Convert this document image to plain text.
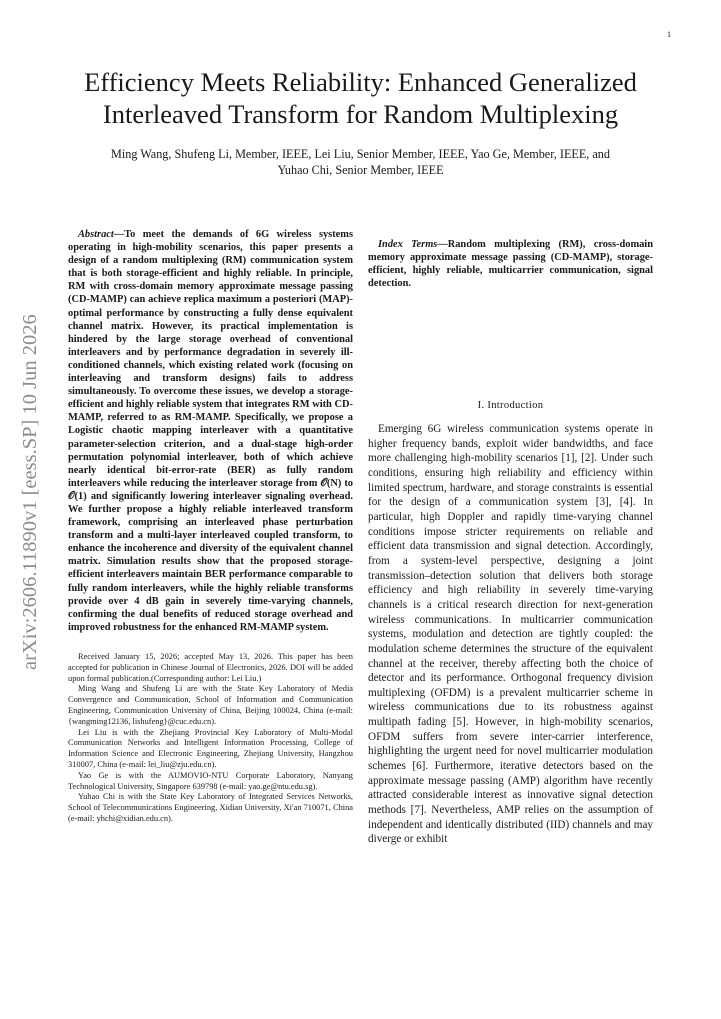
1
arXiv:2606.11890v1 [eess.SP] 10 Jun 2026
Efficiency Meets Reliability: Enhanced Generalized
Interleaved Transform for Random Multiplexing
Ming Wang, Shufeng Li, Member, IEEE, Lei Liu, Senior Member, IEEE, Yao Ge, Member, IEEE, and
Yuhao Chi, Senior Member, IEEE

Abstract—To meet the demands of 6G wireless systems operating in high-mobility scenarios, this paper presents a design of a random multiplexing (RM) communication system that is both storage-efficient and highly reliable. In principle, RM with cross-domain memory approximate message passing (CD-MAMP) can achieve replica maximum a posteriori (MAP)-optimal performance by constructing a fully dense equivalent channel matrix. However, its practical implementation is hindered by the large storage overhead of conventional interleavers and by performance degradation in severely ill-conditioned channels, which existing related work (focusing on interleaving and transform designs) fails to address simultaneously. To overcome these issues, we develop a storage-efficient and highly reliable system that integrates RM with CD-MAMP, referred to as RM-MAMP. Specifically, we propose a Logistic chaotic mapping interleaver with a quantitative parameter-selection criterion, and a dual-stage high-order permutation polynomial interleaver, both of which achieve nearly identical bit-error-rate (BER) as fully random interleavers while reducing the interleaver storage from 𝒪(N) to 𝒪(1) and significantly lowering interleaver signaling overhead. We further propose a highly reliable interleaved transform framework, comprising an interleaved phase perturbation transform and a multi-layer interleaved coupled transform, to enhance the incoherence and diversity of the equivalent channel matrix. Simulation results show that the proposed storage-efficient interleavers maintain BER performance comparable to fully random interleavers, while the highly reliable transforms provide over 4 dB gain in severely time-varying channels, confirming the dual benefits of reduced storage overhead and improved robustness for the enhanced RM-MAMP system.

Received January 15, 2026; accepted May 13, 2026. This paper has been accepted for publication in Chinese Journal of Electronics, 2026. DOI will be added upon formal publication.(Corresponding author: Lei Liu.)

Ming Wang and Shufeng Li are with the State Key Laboratory of Media Convergence and Communication, School of Information and Communication Engineering, Communication University of China, Beijing 100024, China (e-mail: {wangming12136, lishufeng}@cuc.edu.cn).

Lei Liu is with the Zhejiang Provincial Key Laboratory of Multi-Modal Communication Networks and Intelligent Information Processing, College of Information Science and Electronic Engineering, Zhejiang University, Hangzhou 310007, China (e-mail: lei_liu@zju.edu.cn).

Yao Ge is with the AUMOVIO-NTU Corporate Laboratory, Nanyang Technological University, Singapore 639798 (e-mail: yao.ge@ntu.edu.sg).

Yuhao Chi is with the State Key Laboratory of Integrated Services Networks, School of Telecommunications Engineering, Xidian University, Xi'an 710071, China (e-mail: yhchi@xidian.edu.cn).

Index Terms—Random multiplexing (RM), cross-domain memory approximate message passing (CD-MAMP), storage-efficient, highly reliable, multicarrier communication, signal detection.

I. Introduction

Emerging 6G wireless communication systems operate in higher frequency bands, exploit wider bandwidths, and face more challenging high-mobility scenarios [1], [2]. Under such conditions, ensuring high reliability and efficiency within limited spectrum, hardware, and storage constraints is essential for the design of a communication system [3], [4]. In particular, high Doppler and rapidly time-varying channel conditions impose stricter requirements on reliable and efficient data transmission and signal detection. Accordingly, from a system-level perspective, designing a joint transmission–detection solution that delivers both storage efficiency and high reliability in severely time-varying channels is a critical research direction for next-generation wireless communications. In multicarrier communication systems, modulation and detection are tightly coupled: the modulation scheme determines the structure of the equivalent channel at the receiver, thereby affecting both the choice of detector and its performance. Orthogonal frequency division multiplexing (OFDM) is a prevalent multicarrier scheme in wireless communications due to its robustness against multipath fading [5]. However, in high-mobility scenarios, OFDM suffers from severe inter-carrier interference, highlighting the urgent need for novel multicarrier modulation schemes [6]. Furthermore, iterative detectors based on the approximate message passing (AMP) algorithm have recently attracted considerable interest as innovative signal detection methods [7]. Nevertheless, AMP relies on the assumption of independent and identically distributed (IID) channels and may diverge or exhibit
